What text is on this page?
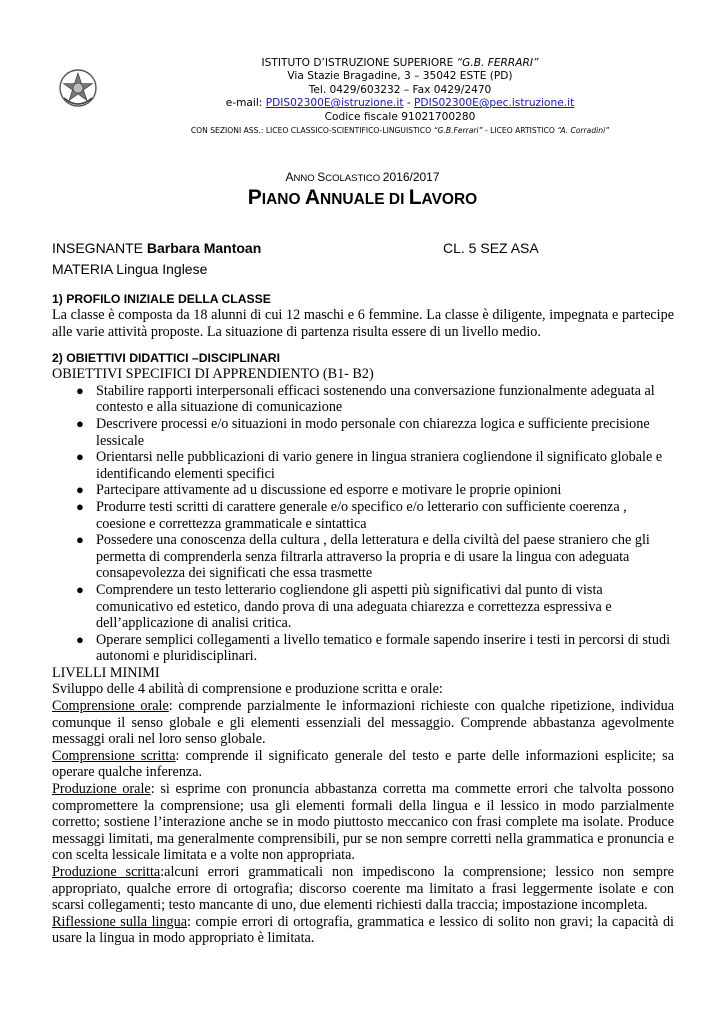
ISTITUTO D’ISTRUZIONE SUPERIORE “G.B. FERRARI”
Via Stazie Bragadine, 3 – 35042 ESTE (PD)
Tel. 0429/603232 – Fax 0429/2470
e-mail: PDIS02300E@istruzione.it - PDIS02300E@pec.istruzione.it
Codice fiscale 91021700280
CON SEZIONI ASS.: LICEO CLASSICO-SCIENTIFICO-LINGUISTICO “G.B.Ferrari” - LICEO ARTISTICO “A. Corradini”
ANNO SCOLASTICO 2016/2017
PIANO ANNUALE DI LAVORO
INSEGNANTE Barbara Mantoan
MATERIA Lingua Inglese
CL. 5 SEZ ASA

1) PROFILO INIZIALE DELLA CLASSE

La classe è composta da 18 alunni di cui 12 maschi e 6 femmine. La classe è diligente, impegnata e partecipe alle varie attività proposte. La situazione di partenza risulta essere di un livello medio.

2) OBIETTIVI DIDATTICI –DISCIPLINARI

OBIETTIVI SPECIFICI DI APPRENDIENTO (B1- B2)

● Stabilire rapporti interpersonali efficaci sostenendo una conversazione funzionalmente adeguata al contesto e alla situazione di comunicazione
● Descrivere processi e/o situazioni in modo personale con chiarezza logica e sufficiente precisione lessicale
● Orientarsi nelle pubblicazioni di vario genere in lingua straniera cogliendone il significato globale e identificando elementi specifici
● Partecipare attivamente ad u discussione ed esporre e motivare le proprie opinioni
● Produrre testi scritti di carattere generale e/o specifico e/o letterario con sufficiente coerenza , coesione e correttezza grammaticale e sintattica
● Possedere una conoscenza della cultura , della letteratura e della civiltà del paese straniero che gli permetta di comprenderla senza filtrarla attraverso la propria e di usare la lingua con adeguata consapevolezza dei significati che essa trasmette
● Comprendere un testo letterario cogliendone gli aspetti più significativi dal punto di vista comunicativo ed estetico, dando prova di una adeguata chiarezza e correttezza espressiva e dell’applicazione di analisi critica.
● Operare semplici collegamenti a livello tematico e formale sapendo inserire i testi in percorsi di studi autonomi e pluridisciplinari.

LIVELLI MINIMI

Sviluppo delle 4 abilità di comprensione e produzione scritta e orale:

Comprensione orale: comprende parzialmente le informazioni richieste con qualche ripetizione, individua comunque il senso globale e gli elementi essenziali del messaggio. Comprende abbastanza agevolmente messaggi orali nel loro senso globale.

Comprensione scritta: comprende il significato generale del testo e parte delle informazioni esplicite; sa operare qualche inferenza.

Produzione orale: si esprime con pronuncia abbastanza corretta ma commette errori che talvolta possono compromettere la comprensione; usa gli elementi formali della lingua e il lessico in modo parzialmente corretto; sostiene l’interazione anche se in modo piuttosto meccanico con frasi complete ma isolate. Produce messaggi limitati, ma generalmente comprensibili, pur se non sempre corretti nella grammatica e pronuncia e con scelta lessicale limitata e a volte non appropriata.

Produzione scritta:alcuni errori grammaticali non impediscono la comprensione; lessico non sempre appropriato, qualche errore di ortografia; discorso coerente ma limitato a frasi leggermente isolate e con scarsi collegamenti; testo mancante di uno, due elementi richiesti dalla traccia; impostazione incompleta.

Riflessione sulla lingua: compie errori di ortografia, grammatica e lessico di solito non gravi; la capacità di usare la lingua in modo appropriato è limitata.
